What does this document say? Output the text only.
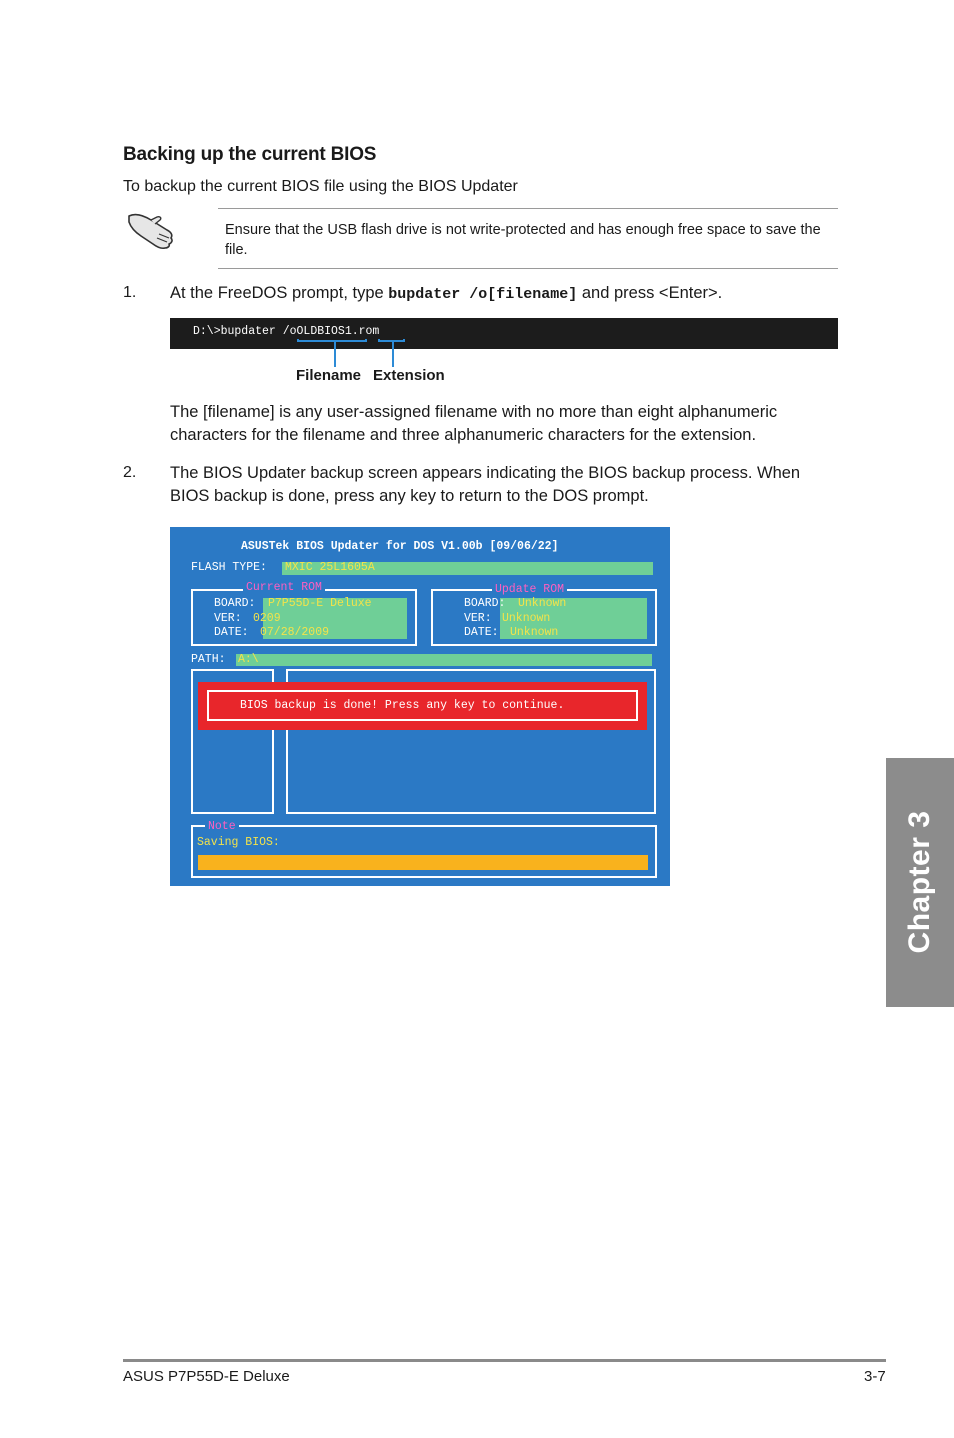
Backing up the current BIOS
To backup the current BIOS file using the BIOS Updater
Ensure that the USB flash drive is not write-protected and has enough free space to save the file.
1. At the FreeDOS prompt, type bupdater /o[filename] and press <Enter>.
D:\>bupdater /oOLDBIOS1.rom
Filename Extension
The [filename] is any user-assigned filename with no more than eight alphanumeric characters for the filename and three alphanumeric characters for the extension.
2. The BIOS Updater backup screen appears indicating the BIOS backup process. When BIOS backup is done, press any key to return to the DOS prompt.
ASUSTek BIOS Updater for DOS V1.00b [09/06/22]
FLASH TYPE: MXIC 25L1605A
Current ROM
BOARD: P7P55D-E Deluxe
VER: 0209
DATE: 07/28/2009
Update ROM
BOARD: Unknown
VER: Unknown
DATE: Unknown
PATH: A:\
BIOS backup is done! Press any key to continue.
Note
Saving BIOS:	Chapter 3
ASUS P7P55D-E Deluxe	3-7
